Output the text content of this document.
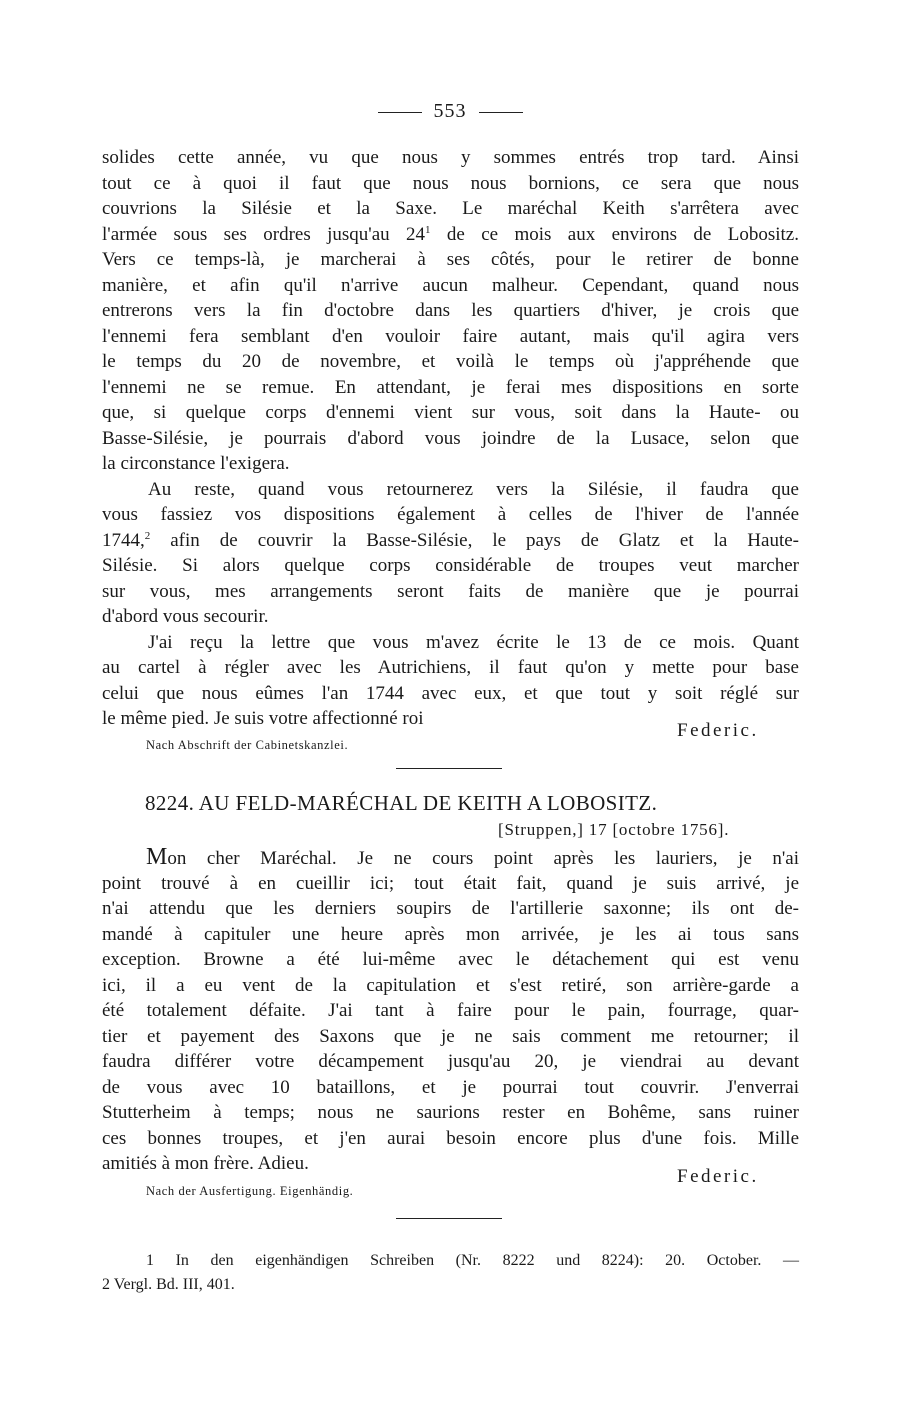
553
solides cette année, vu que nous y sommes entrés trop tard. Ainsi
tout ce à quoi il faut que nous nous bornions, ce sera que nous
couvrions la Silésie et la Saxe. Le maréchal Keith s'arrêtera avec
l'armée sous ses ordres jusqu'au $24^1$ de ce mois aux environs de Lobositz.
Vers ce temps-là, je marcherai à ses côtés, pour le retirer de bonne
manière, et afin qu'il n'arrive aucun malheur. Cependant, quand nous
entrerons vers la fin d'octobre dans les quartiers d'hiver, je crois que
l'ennemi fera semblant d'en vouloir faire autant, mais qu'il agira vers
le temps du 20 de novembre, et voilà le temps où j'appréhende que
l'ennemi ne se remue. En attendant, je ferai mes dispositions en sorte
que, si quelque corps d'ennemi vient sur vous, soit dans la Haute- ou
Basse-Silésie, je pourrais d'abord vous joindre de la Lusace, selon que
la circonstance l'exigera.
Au reste, quand vous retournerez vers la Silésie, il faudra que
vous fassiez vos dispositions également à celles de l'hiver de l'année
1744,$^2$ afin de couvrir la Basse-Silésie, le pays de Glatz et la Haute-
Silésie. Si alors quelque corps considérable de troupes veut marcher
sur vous, mes arrangements seront faits de manière que je pourrai
d'abord vous secourir.
J'ai reçu la lettre que vous m'avez écrite le 13 de ce mois. Quant
au cartel à régler avec les Autrichiens, il faut qu'on y mette pour base
celui que nous eûmes l'an 1744 avec eux, et que tout y soit réglé sur
le même pied. Je suis votre affectionné roi
Federic.
Nach Abschrift der Cabinetskanzlei.
8224. AU FELD-MARÉCHAL DE KEITH A LOBOSITZ.
[Struppen,] 17 [octobre 1756].
Mon cher Maréchal. Je ne cours point après les lauriers, je n'ai
point trouvé à en cueillir ici; tout était fait, quand je suis arrivé, je
n'ai attendu que les derniers soupirs de l'artillerie saxonne; ils ont de-
mandé à capituler une heure après mon arrivée, je les ai tous sans
exception. Browne a été lui-même avec le détachement qui est venu
ici, il a eu vent de la capitulation et s'est retiré, son arrière-garde a
été totalement défaite. J'ai tant à faire pour le pain, fourrage, quar-
tier et payement des Saxons que je ne sais comment me retourner; il
faudra différer votre décampement jusqu'au 20, je viendrai au devant
de vous avec 10 bataillons, et je pourrai tout couvrir. J'enverrai
Stutterheim à temps; nous ne saurions rester en Bohême, sans ruiner
ces bonnes troupes, et j'en aurai besoin encore plus d'une fois. Mille
amitiés à mon frère. Adieu.
Federic.
Nach der Ausfertigung. Eigenhändig.
1 In den eigenhändigen Schreiben (Nr. 8222 und 8224): 20. October. —
2 Vergl. Bd. III, 401.
